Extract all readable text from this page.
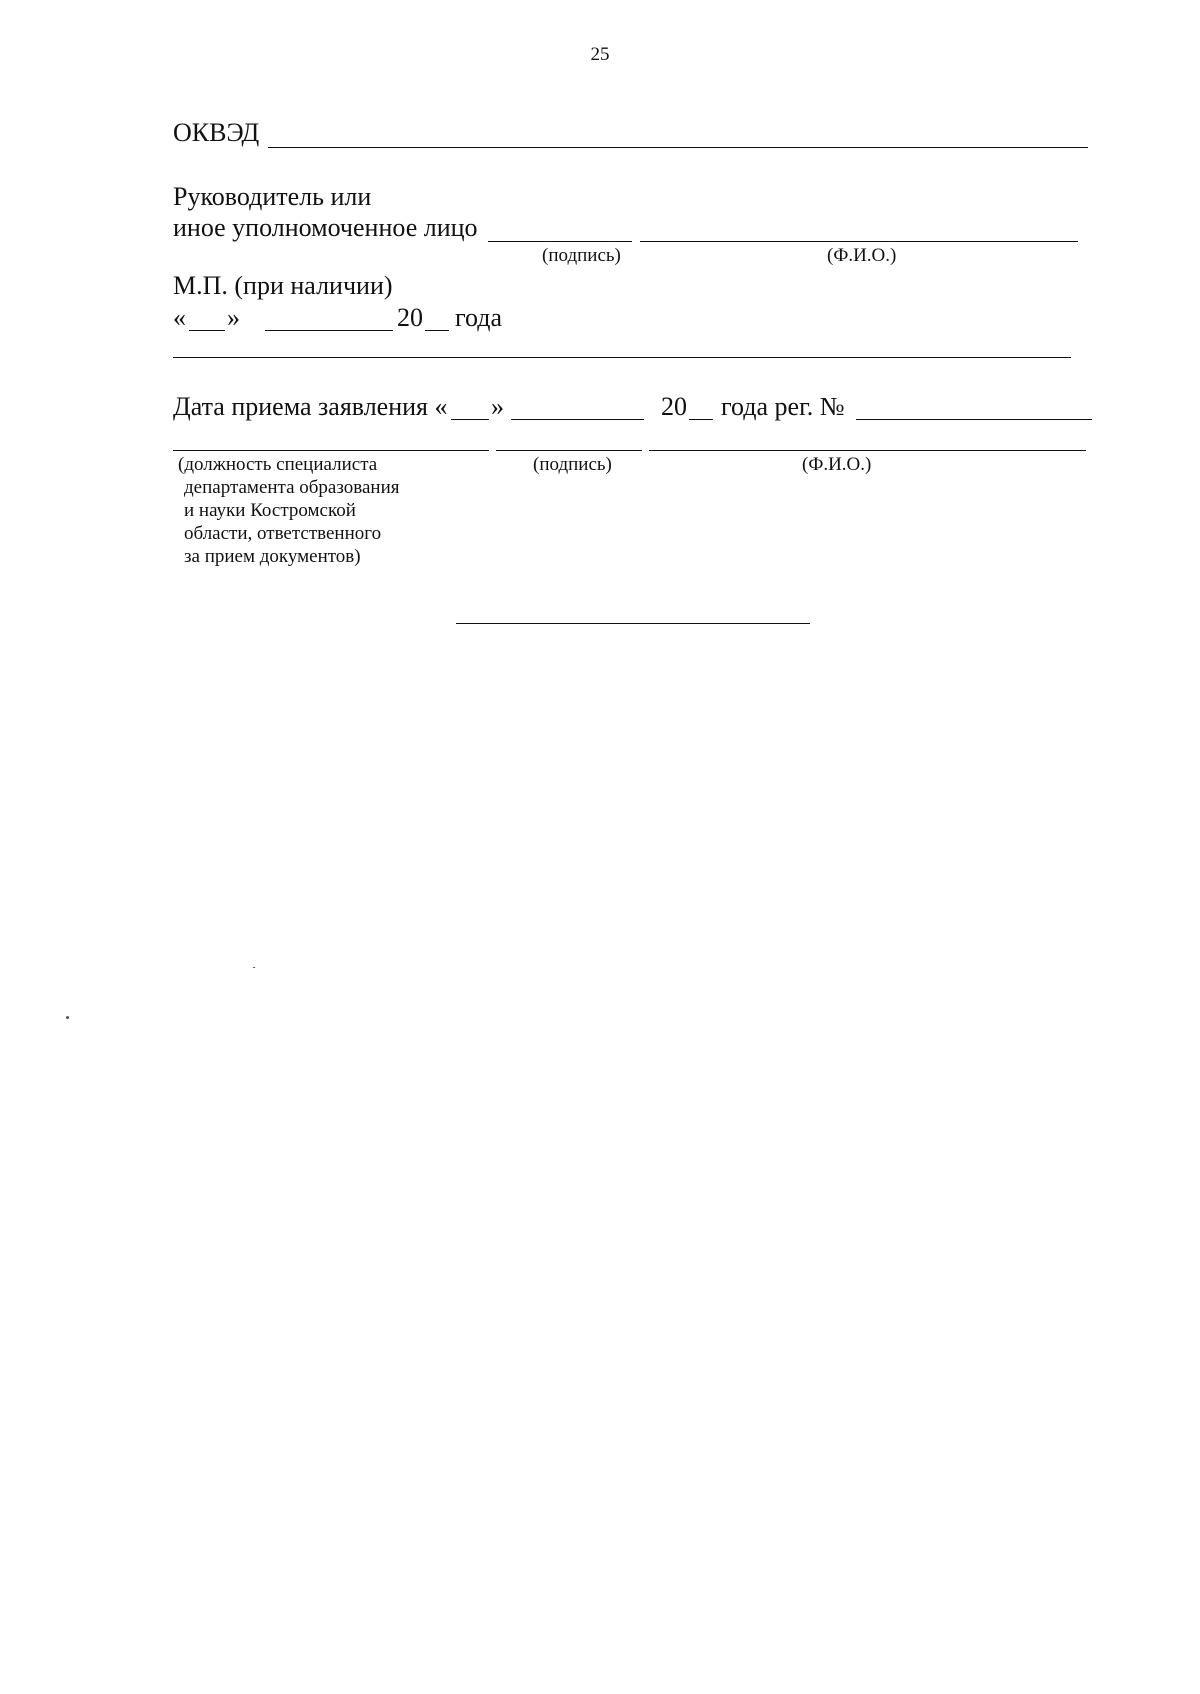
25
ОКВЭД
Руководитель или
иное уполномоченное лицо
(подпись)	(Ф.И.О.)
М.П. (при наличии)
« »	20 года
Дата приема заявления « »	20 года рег. №
(должность специалиста
департамента образования
и науки Костромской
области, ответственного
за прием документов)
(подпись)	(Ф.И.О.)
